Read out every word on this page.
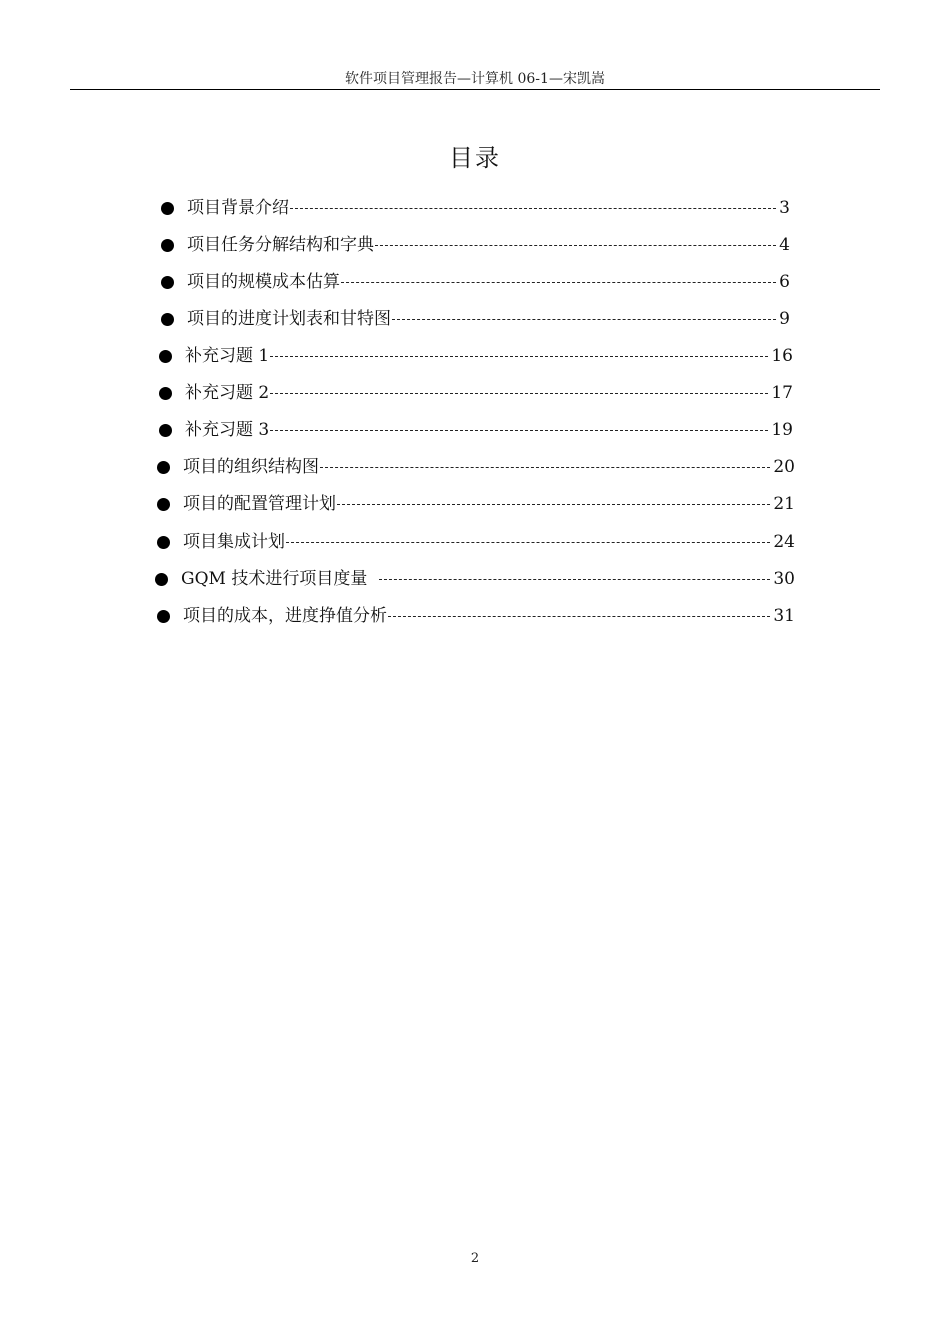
软件项目管理报告—计算机 06-1—宋凯嵩
目录
项目背景介绍	3
项目任务分解结构和字典	4
项目的规模成本估算	6
项目的进度计划表和甘特图	9
补充习题 1	16
补充习题 2	17
补充习题 3	19
项目的组织结构图	20
项目的配置管理计划	21
项目集成计划	24
GQM 技术进行项目度量	30
项目的成本，进度挣值分析	31
2
